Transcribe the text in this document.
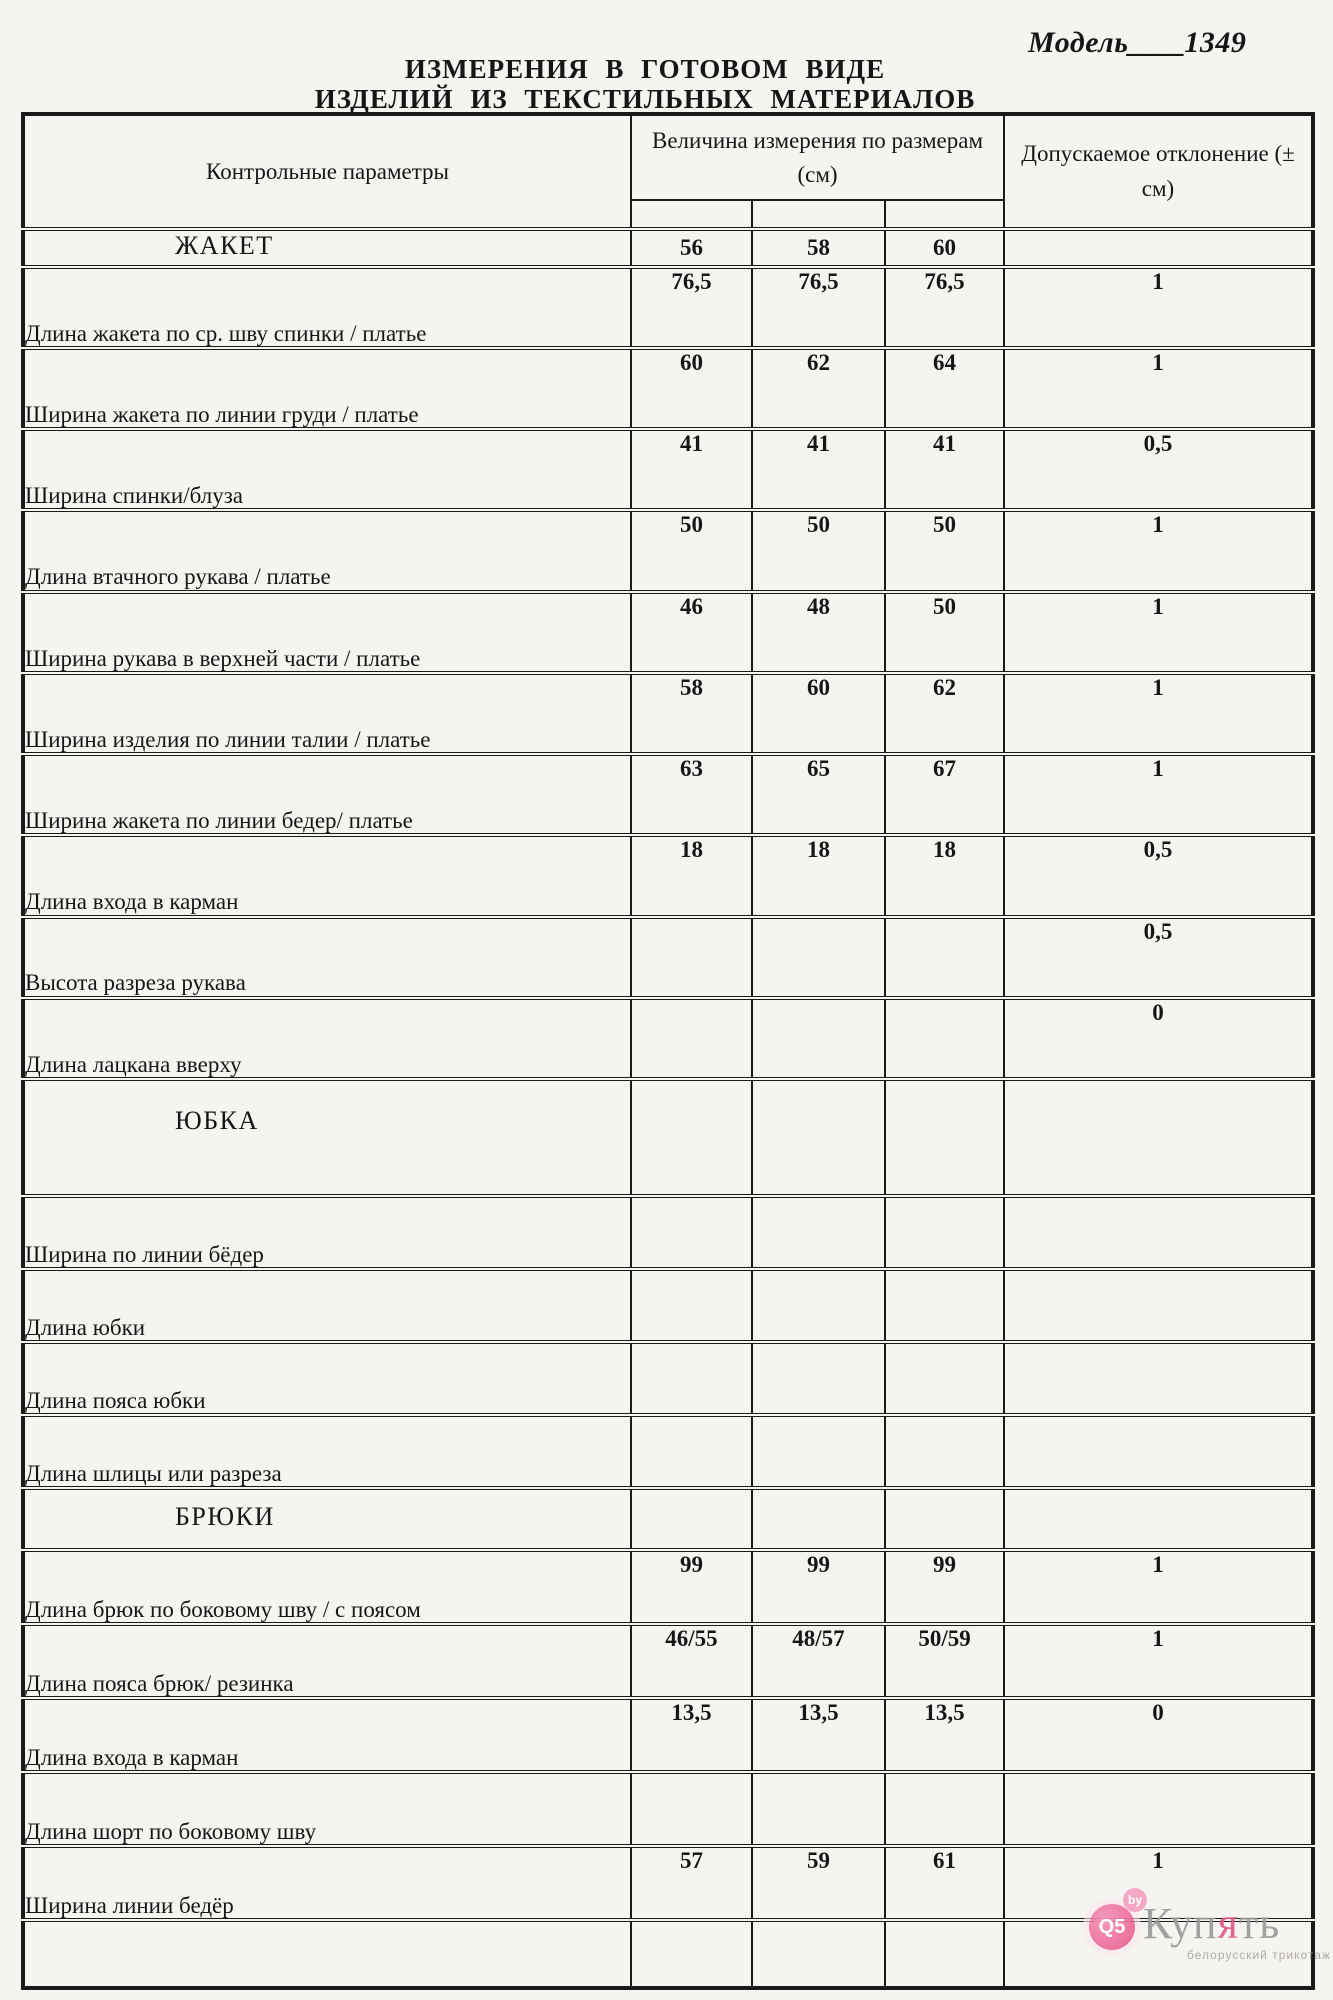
Модель____1349
ИЗМЕРЕНИЯ В ГОТОВОМ ВИДЕ
ИЗДЕЛИЙ ИЗ ТЕКСТИЛЬНЫХ МАТЕРИАЛОВ
Контрольные параметры	Величина измерения по размерам (см)			Допускаемое отклонение (± см)

ЖАКЕТ	56	58	60	
Длина жакета по ср. шву спинки / платье	76,5	76,5	76,5	1
Ширина жакета по линии груди / платье	60	62	64	1
Ширина спинки/блуза	41	41	41	0,5
Длина втачного рукава / платье	50	50	50	1
Ширина рукава в верхней части / платье	46	48	50	1
Ширина изделия по линии талии / платье	58	60	62	1
Ширина жакета по линии бедер/ платье	63	65	67	1
Длина входа в карман	18	18	18	0,5
Высота разреза рукава				0,5
Длина лацкана вверху				0
ЮБКА				
Ширина по линии бёдер				
Длина юбки				
Длина пояса юбки				
Длина шлицы или разреза				
БРЮКИ				
Длина брюк по боковому шву / с поясом	99	99	99	1
Длина пояса брюк/ резинка	46/55	48/57	50/59	1
Длина входа в карман	13,5	13,5	13,5	0
Длина шорт по боковому шву				
Ширина линии бедёр	57	59	61	1

Q5
by Купять
белорусский трикотаж
